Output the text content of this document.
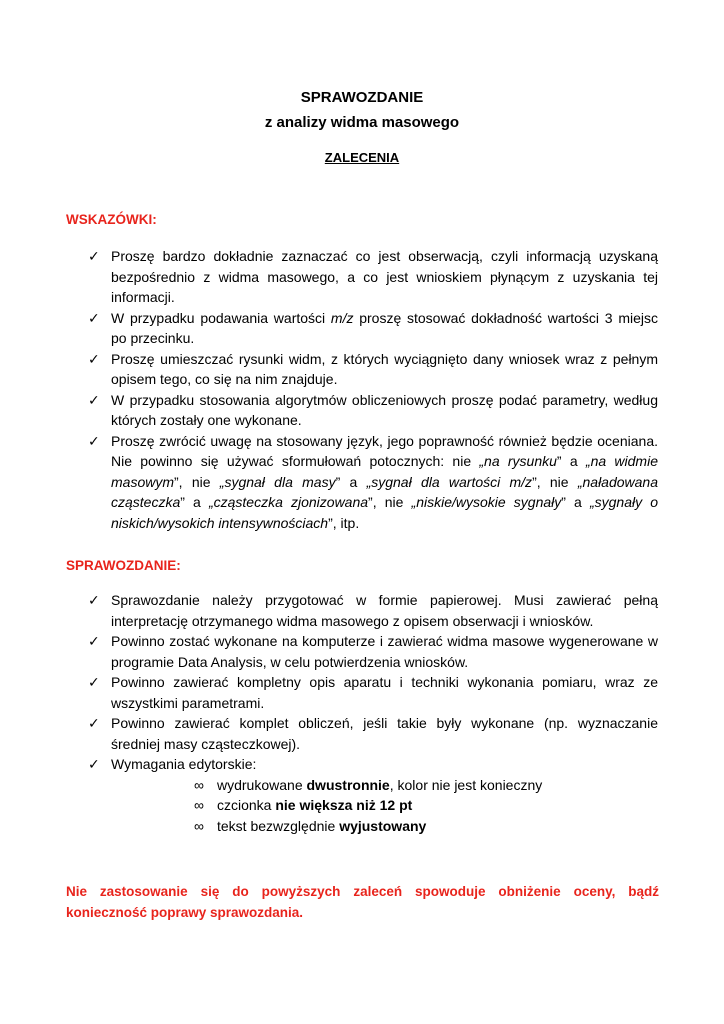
SPRAWOZDANIE
z analizy widma masowego
ZALECENIA
WSKAZÓWKI:
✓ Proszę bardzo dokładnie zaznaczać co jest obserwacją, czyli informacją uzyskaną bezpośrednio z widma masowego, a co jest wnioskiem płynącym z uzyskania tej informacji.
✓ W przypadku podawania wartości m/z proszę stosować dokładność wartości 3 miejsc po przecinku.
✓ Proszę umieszczać rysunki widm, z których wyciągnięto dany wniosek wraz z pełnym opisem tego, co się na nim znajduje.
✓ W przypadku stosowania algorytmów obliczeniowych proszę podać parametry, według których zostały one wykonane.
✓ Proszę zwrócić uwagę na stosowany język, jego poprawność również będzie oceniana. Nie powinno się używać sformułowań potocznych: nie „na rysunku” a „na widmie masowym”, nie „sygnał dla masy” a „sygnał dla wartości m/z”, nie „naładowana cząsteczka” a „cząsteczka zjonizowana”, nie „niskie/wysokie sygnały” a „sygnały o niskich/wysokich intensywnościach”, itp.
SPRAWOZDANIE:
✓ Sprawozdanie należy przygotować w formie papierowej. Musi zawierać pełną interpretację otrzymanego widma masowego z opisem obserwacji i wniosków.
✓ Powinno zostać wykonane na komputerze i zawierać widma masowe wygenerowane w programie Data Analysis, w celu potwierdzenia wniosków.
✓ Powinno zawierać kompletny opis aparatu i techniki wykonania pomiaru, wraz ze wszystkimi parametrami.
✓ Powinno zawierać komplet obliczeń, jeśli takie były wykonane (np. wyznaczanie średniej masy cząsteczkowej).
✓ Wymagania edytorskie:
∞ wydrukowane dwustronnie, kolor nie jest konieczny
∞ czcionka nie większa niż 12 pt
∞ tekst bezwzględnie wyjustowany
Nie zastosowanie się do powyższych zaleceń spowoduje obniżenie oceny, bądź konieczność poprawy sprawozdania.
